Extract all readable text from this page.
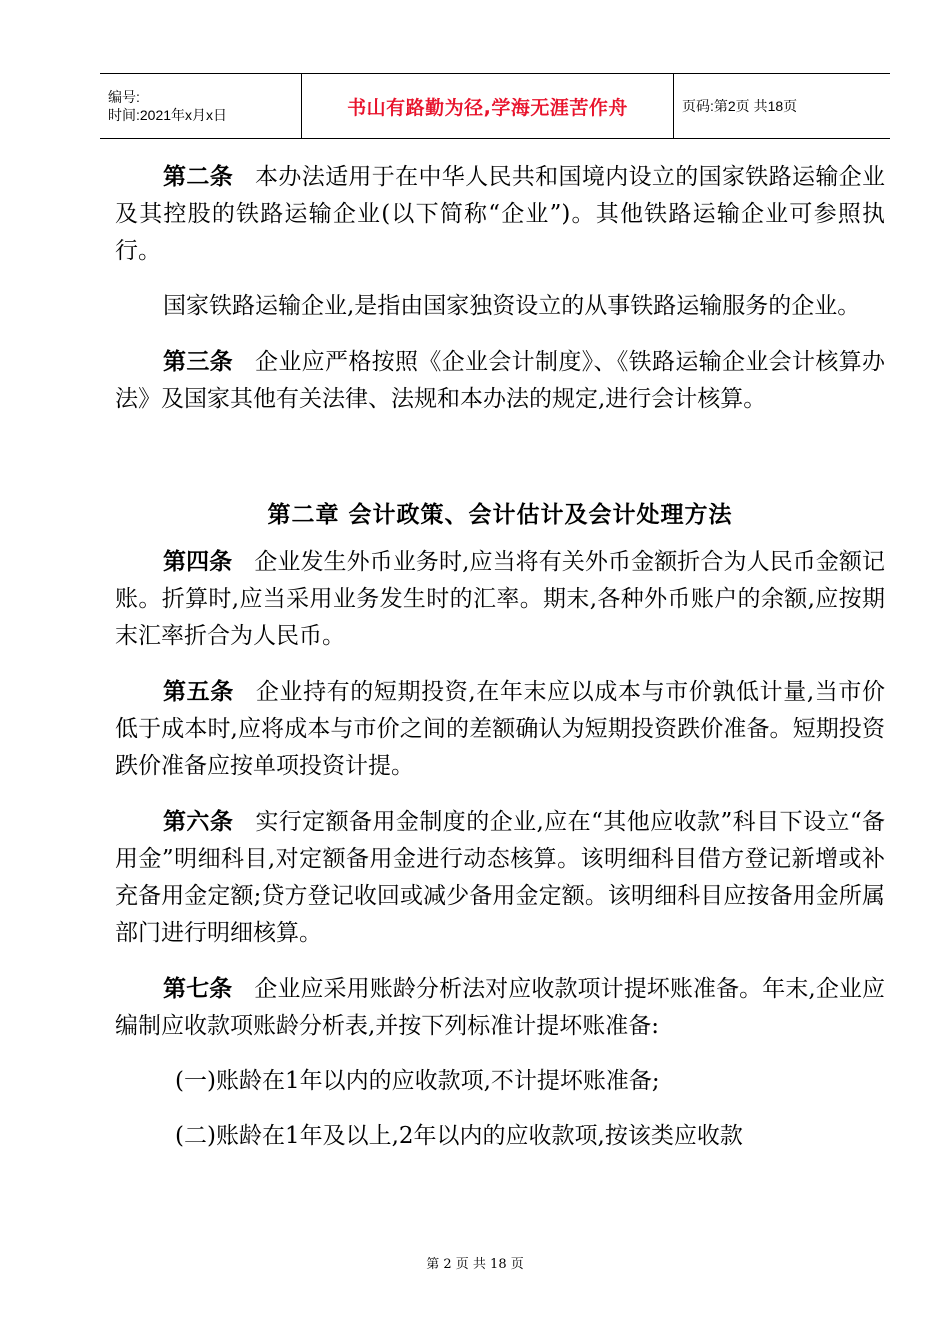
编号:
时间:2021年x月x日	书山有路勤为径,学海无涯苦作舟	页码:第2页 共18页

第二条 本办法适用于在中华人民共和国境内设立的国家铁路运输企业及其控股的铁路运输企业(以下简称“企业”)。其他铁路运输企业可参照执行。

国家铁路运输企业,是指由国家独资设立的从事铁路运输服务的企业。

第三条 企业应严格按照《企业会计制度》、《铁路运输企业会计核算办法》及国家其他有关法律、法规和本办法的规定,进行会计核算。

第二章 会计政策、会计估计及会计处理方法

第四条 企业发生外币业务时,应当将有关外币金额折合为人民币金额记账。折算时,应当采用业务发生时的汇率。期末,各种外币账户的余额,应按期末汇率折合为人民币。

第五条 企业持有的短期投资,在年末应以成本与市价孰低计量,当市价低于成本时,应将成本与市价之间的差额确认为短期投资跌价准备。短期投资跌价准备应按单项投资计提。

第六条 实行定额备用金制度的企业,应在“其他应收款”科目下设立“备用金”明细科目,对定额备用金进行动态核算。该明细科目借方登记新增或补充备用金定额;贷方登记收回或减少备用金定额。该明细科目应按备用金所属部门进行明细核算。

第七条 企业应采用账龄分析法对应收款项计提坏账准备。年末,企业应编制应收款项账龄分析表,并按下列标准计提坏账准备:

(一)账龄在1年以内的应收款项,不计提坏账准备;

(二)账龄在1年及以上,2年以内的应收款项,按该类应收款

第 2 页 共 18 页
